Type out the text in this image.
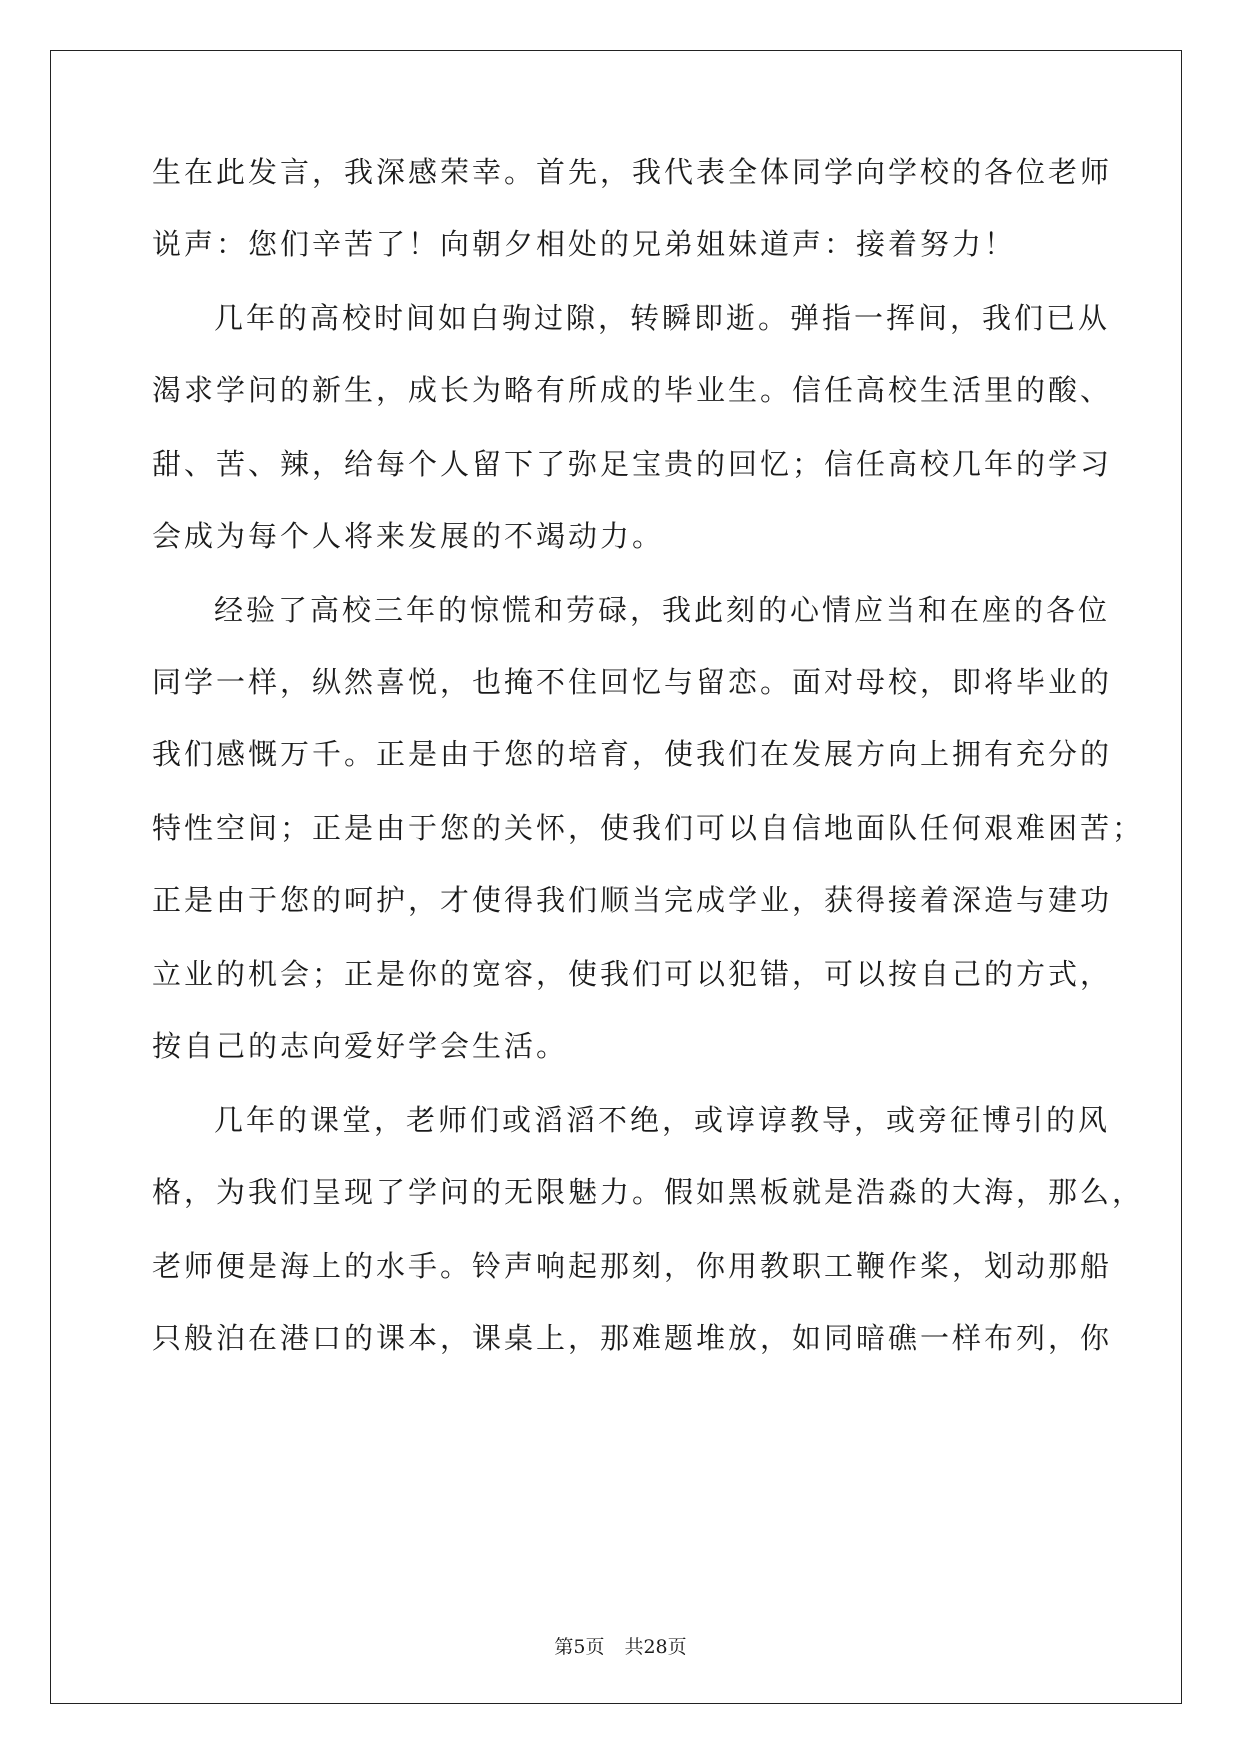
生在此发言，我深感荣幸。首先，我代表全体同学向学校的各位老师
说声：您们辛苦了！向朝夕相处的兄弟姐妹道声：接着努力！
几年的高校时间如白驹过隙，转瞬即逝。弹指一挥间，我们已从
渴求学问的新生，成长为略有所成的毕业生。信任高校生活里的酸、
甜、苦、辣，给每个人留下了弥足宝贵的回忆；信任高校几年的学习
会成为每个人将来发展的不竭动力。
经验了高校三年的惊慌和劳碌，我此刻的心情应当和在座的各位
同学一样，纵然喜悦，也掩不住回忆与留恋。面对母校，即将毕业的
我们感慨万千。正是由于您的培育，使我们在发展方向上拥有充分的
特性空间；正是由于您的关怀，使我们可以自信地面队任何艰难困苦；
正是由于您的呵护，才使得我们顺当完成学业，获得接着深造与建功
立业的机会；正是你的宽容，使我们可以犯错，可以按自己的方式，
按自己的志向爱好学会生活。
几年的课堂，老师们或滔滔不绝，或谆谆教导，或旁征博引的风
格，为我们呈现了学问的无限魅力。假如黑板就是浩淼的大海，那么，
老师便是海上的水手。铃声响起那刻，你用教职工鞭作桨，划动那船
只般泊在港口的课本，课桌上，那难题堆放，如同暗礁一样布列，你
第5页 共28页
